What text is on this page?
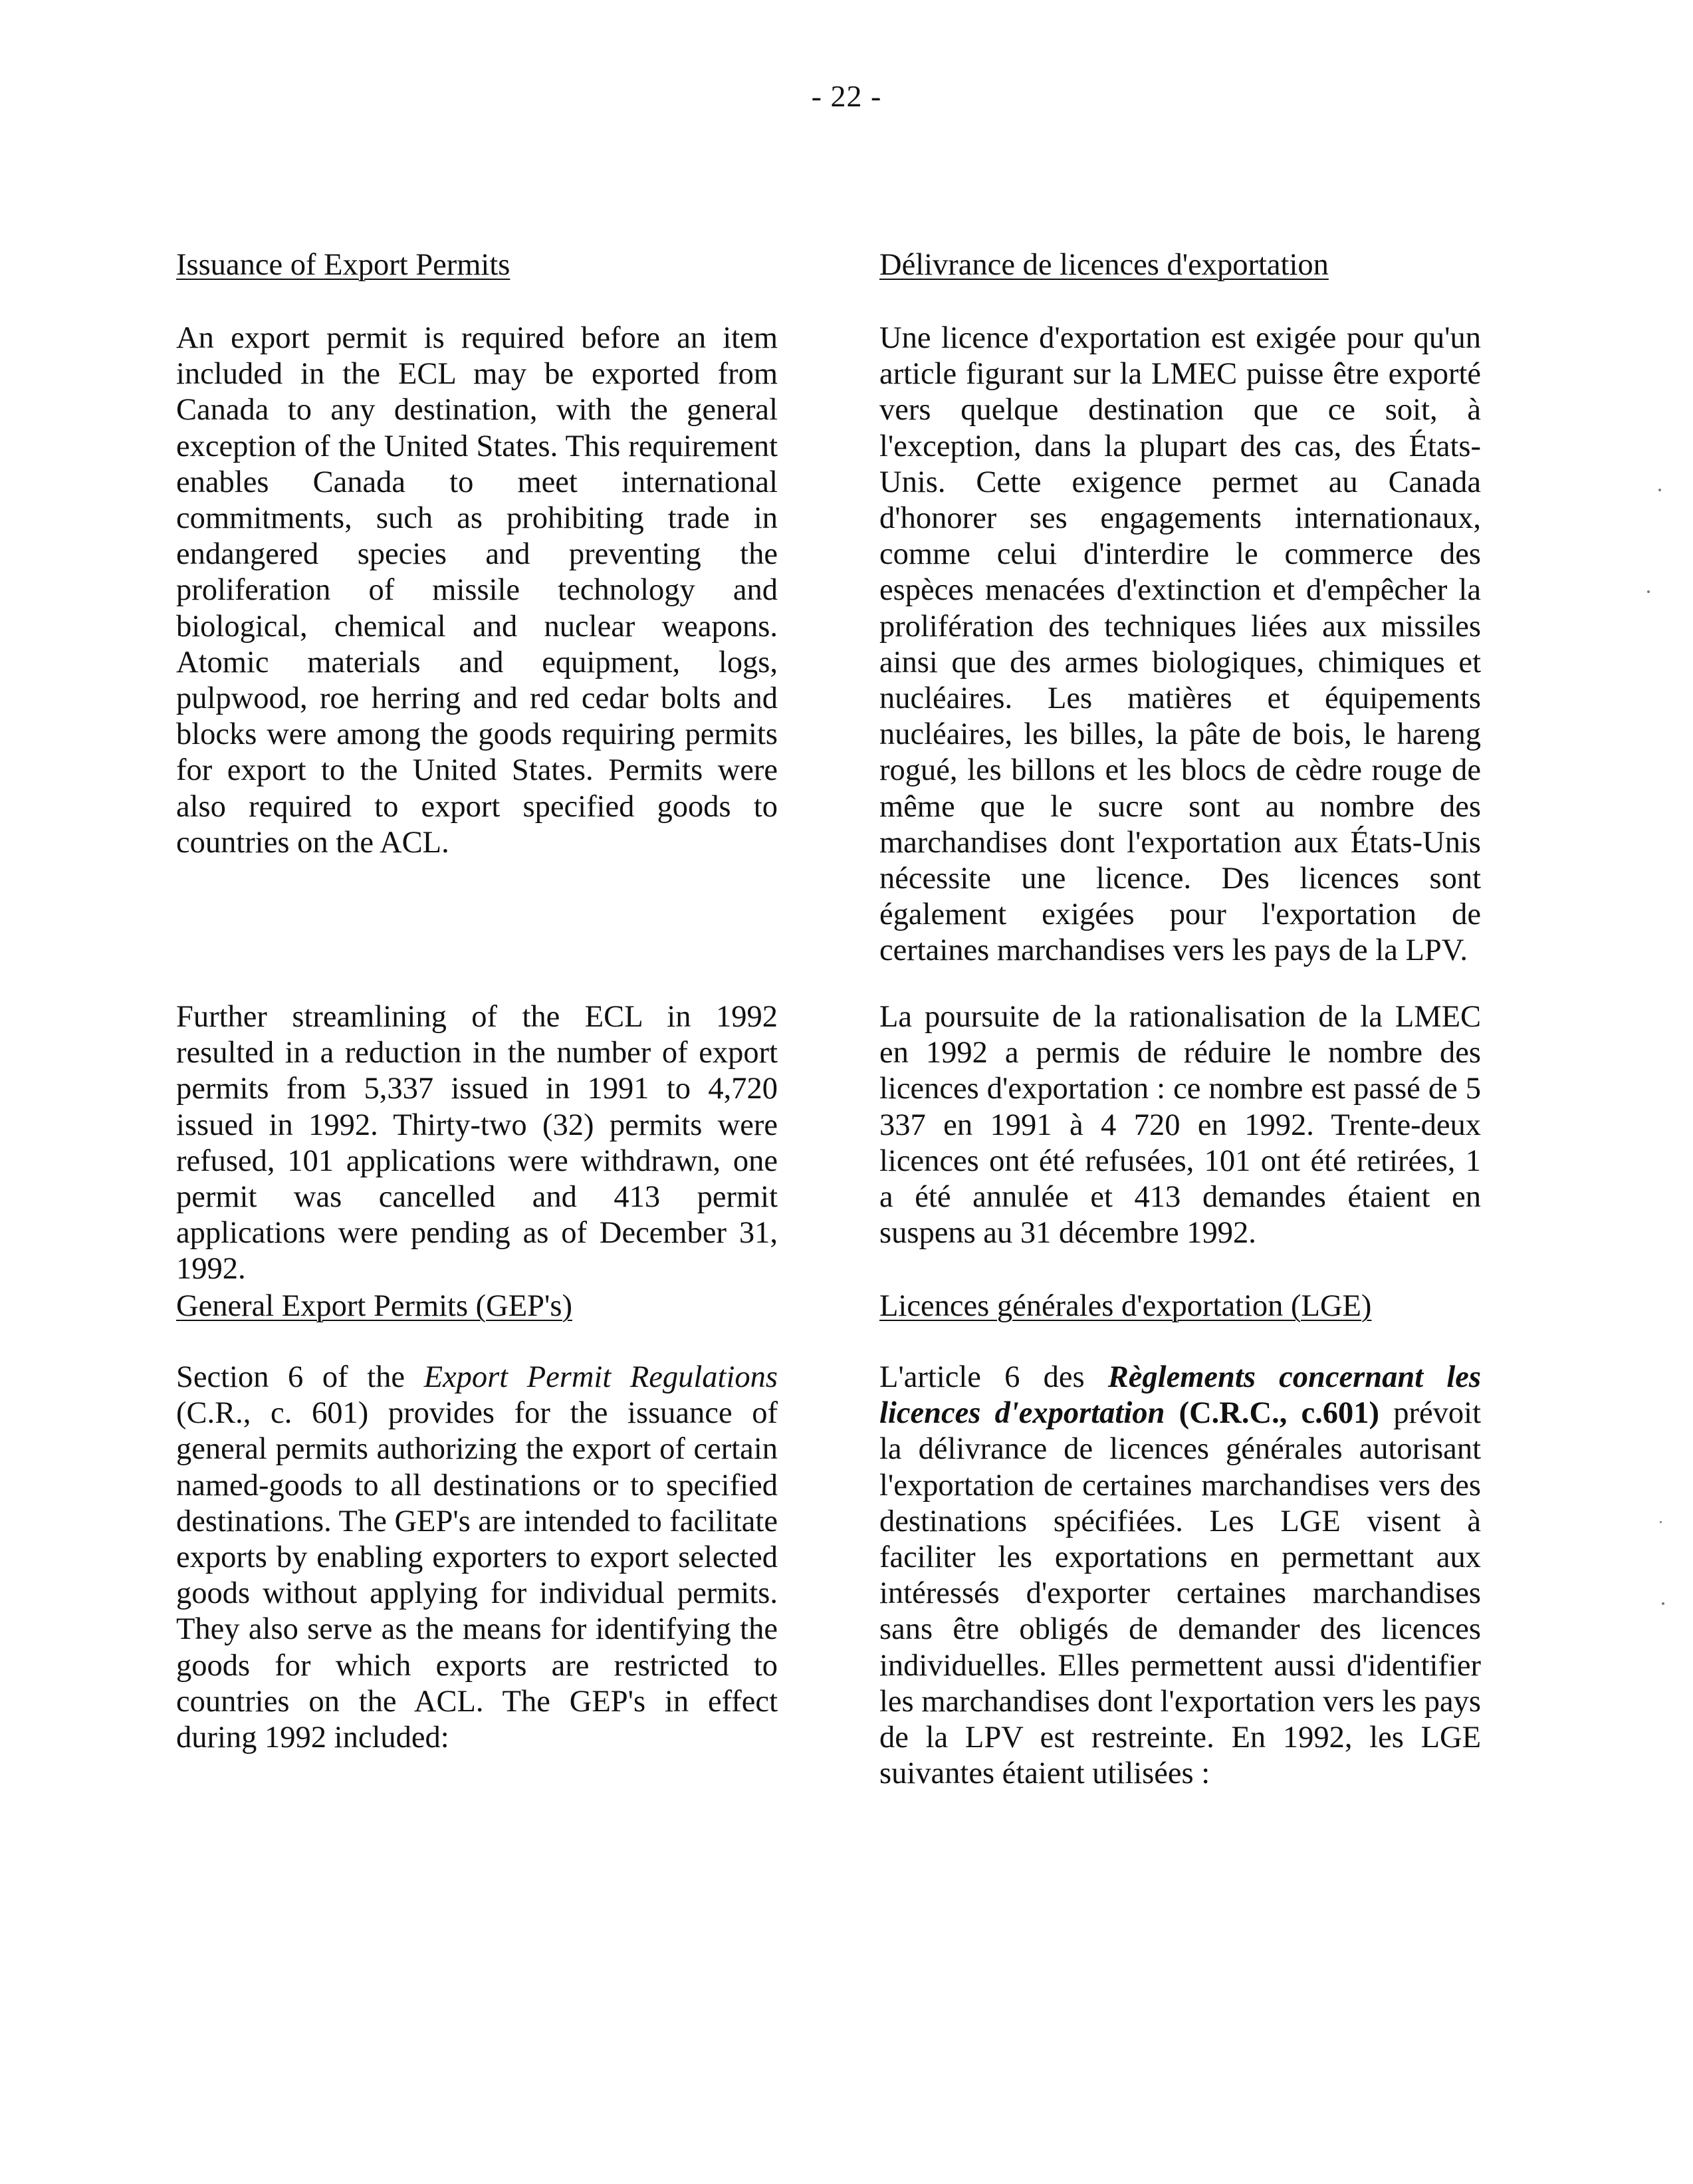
- 22 -
Issuance of Export Permits

An export permit is required before an item included in the ECL may be exported from Canada to any destination, with the general exception of the United States. This requirement enables Canada to meet international commitments, such as prohibiting trade in endangered species and preventing the proliferation of missile technology and biological, chemical and nuclear weapons. Atomic materials and equipment, logs, pulpwood, roe herring and red cedar bolts and blocks were among the goods requiring permits for export to the United States. Permits were also required to export specified goods to countries on the ACL.

Further streamlining of the ECL in 1992 resulted in a reduction in the number of export permits from 5,337 issued in 1991 to 4,720 issued in 1992. Thirty-two (32) permits were refused, 101 applications were withdrawn, one permit was cancelled and 413 permit applications were pending as of December 31, 1992.

General Export Permits (GEP's)

Section 6 of the Export Permit Regulations (C.R., c. 601) provides for the issuance of general permits authorizing the export of certain named-goods to all destinations or to specified destinations. The GEP's are intended to facilitate exports by enabling exporters to export selected goods without applying for individual permits. They also serve as the means for identifying the goods for which exports are restricted to countries on the ACL. The GEP's in effect during 1992 included:

Délivrance de licences d'exportation

Une licence d'exportation est exigée pour qu'un article figurant sur la LMEC puisse être exporté vers quelque destination que ce soit, à l'exception, dans la plupart des cas, des États-Unis. Cette exigence permet au Canada d'honorer ses engagements internationaux, comme celui d'interdire le commerce des espèces menacées d'extinction et d'empêcher la prolifération des techniques liées aux missiles ainsi que des armes biologiques, chimiques et nucléaires. Les matières et équipements nucléaires, les billes, la pâte de bois, le hareng rogué, les billons et les blocs de cèdre rouge de même que le sucre sont au nombre des marchandises dont l'exportation aux États-Unis nécessite une licence. Des licences sont également exigées pour l'exportation de certaines marchandises vers les pays de la LPV.

La poursuite de la rationalisation de la LMEC en 1992 a permis de réduire le nombre des licences d'exportation : ce nombre est passé de 5 337 en 1991 à 4 720 en 1992. Trente-deux licences ont été refusées, 101 ont été retirées, 1 a été annulée et 413 demandes étaient en suspens au 31 décembre 1992.

Licences générales d'exportation (LGE)

L'article 6 des Règlements concernant les licences d'exportation (C.R.C., c.601) prévoit la délivrance de licences générales autorisant l'exportation de certaines marchandises vers des destinations spécifiées. Les LGE visent à faciliter les exportations en permettant aux intéressés d'exporter certaines marchandises sans être obligés de demander des licences individuelles. Elles permettent aussi d'identifier les marchandises dont l'exportation vers les pays de la LPV est restreinte. En 1992, les LGE suivantes étaient utilisées :
